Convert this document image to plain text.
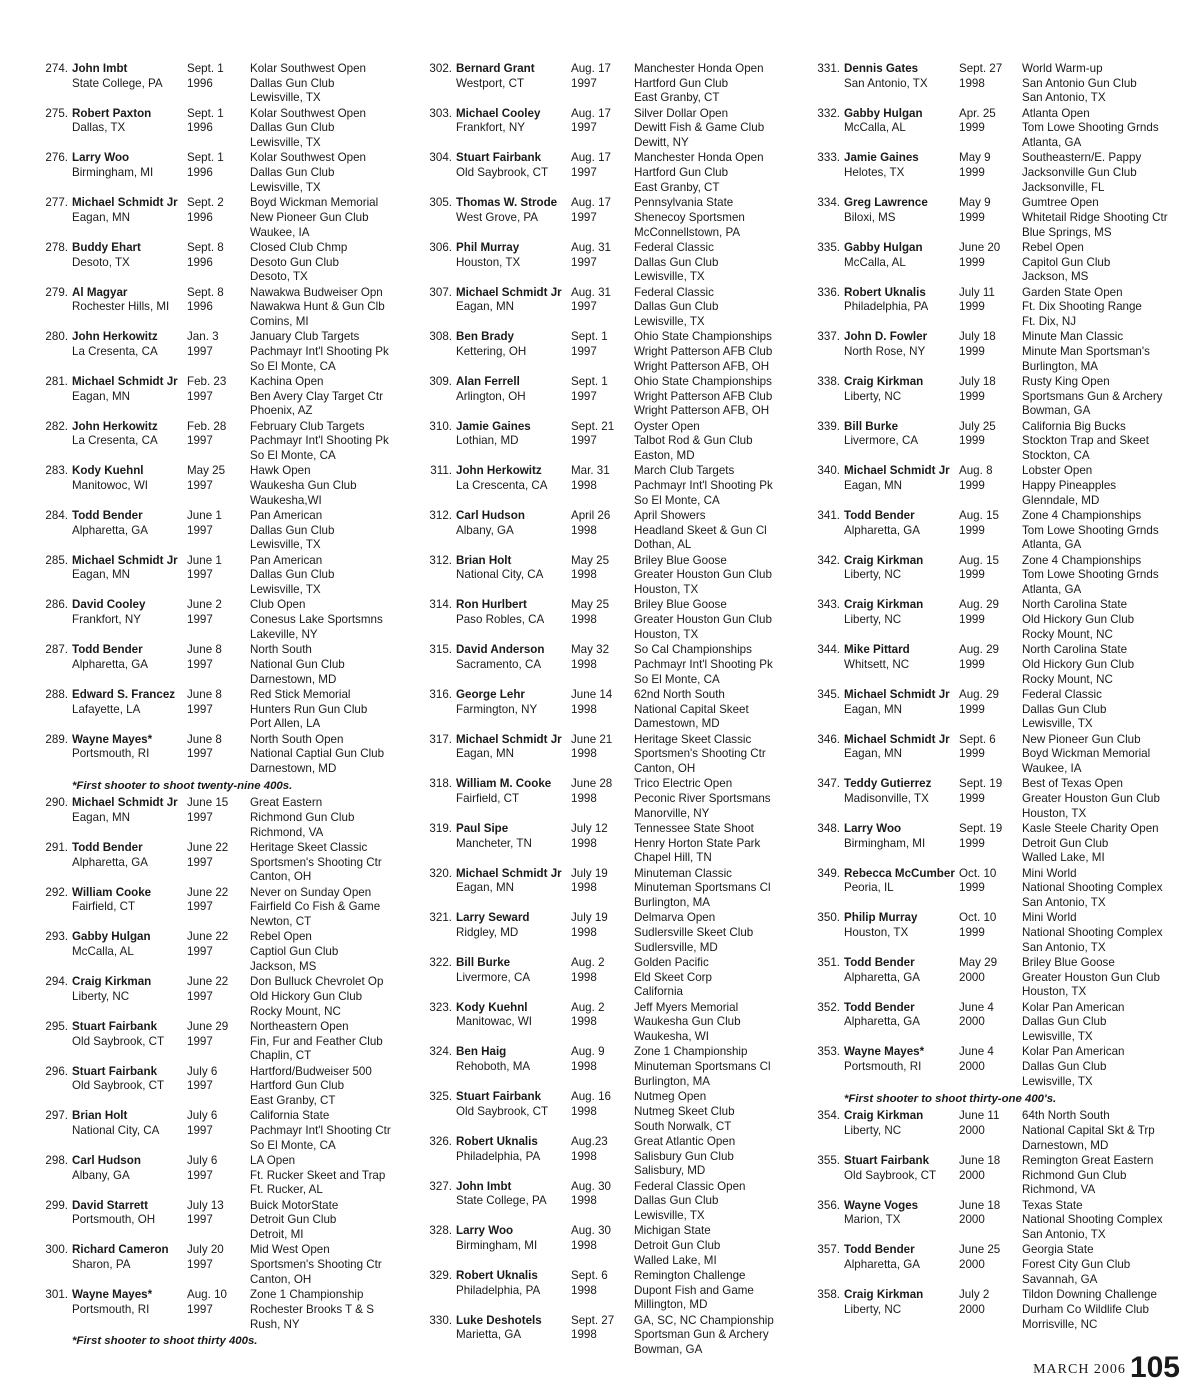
274. John Imbt
State College, PA
Sept. 1
1996
Kolar Southwest Open
Dallas Gun Club
Lewisville, TX
275. Robert Paxton
Dallas, TX
Sept. 1
1996
Kolar Southwest Open
Dallas Gun Club
Lewisville, TX
276. Larry Woo
Birmingham, MI
Sept. 1
1996
Kolar Southwest Open
Dallas Gun Club
Lewisville, TX
277. Michael Schmidt Jr
Eagan, MN
Sept. 2
1996
Boyd Wickman Memorial
New Pioneer Gun Club
Waukee, IA
278. Buddy Ehart
Desoto, TX
Sept. 8
1996
Closed Club Chmp
Desoto Gun Club
Desoto, TX
279. Al Magyar
Rochester Hills, MI
Sept. 8
1996
Nawakwa Budweiser Opn
Nawakwa Hunt & Gun Clb
Comins, MI
280. John Herkowitz
La Cresenta, CA
Jan. 3
1997
January Club Targets
Pachmayr Int'l Shooting Pk
So El Monte, CA
281. Michael Schmidt Jr
Eagan, MN
Feb. 23
1997
Kachina Open
Ben Avery Clay Target Ctr
Phoenix, AZ
282. John Herkowitz
La Cresenta, CA
Feb. 28
1997
February Club Targets
Pachmayr Int'l Shooting Pk
So El Monte, CA
283. Kody Kuehnl
Manitowoc, WI
May 25
1997
Hawk Open
Waukesha Gun Club
Waukesha,WI
284. Todd Bender
Alpharetta, GA
June 1
1997
Pan American
Dallas Gun Club
Lewisville, TX
285. Michael Schmidt Jr
Eagan, MN
June 1
1997
Pan American
Dallas Gun Club
Lewisville, TX
286. David Cooley
Frankfort, NY
June 2
1997
Club Open
Conesus Lake Sportsmns
Lakeville, NY
287. Todd Bender
Alpharetta, GA
June 8
1997
North South
National Gun Club
Darnestown, MD
288. Edward S. Francez
Lafayette, LA
June 8
1997
Red Stick Memorial
Hunters Run Gun Club
Port Allen, LA
289. Wayne Mayes*
Portsmouth, RI
June 8
1997
North South Open
National Captial Gun Club
Darnestown, MD
*First shooter to shoot twenty-nine 400s.
290. Michael Schmidt Jr
Eagan, MN
June 15
1997
Great Eastern
Richmond Gun Club
Richmond, VA
291. Todd Bender
Alpharetta, GA
June 22
1997
Heritage Skeet Classic
Sportsmen's Shooting Ctr
Canton, OH
292. William Cooke
Fairfield, CT
June 22
1997
Never on Sunday Open
Fairfield Co Fish & Game
Newton, CT
293. Gabby Hulgan
McCalla, AL
June 22
1997
Rebel Open
Captiol Gun Club
Jackson, MS
294. Craig Kirkman
Liberty, NC
June 22
1997
Don Bulluck Chevrolet Op
Old Hickory Gun Club
Rocky Mount, NC
295. Stuart Fairbank
Old Saybrook, CT
June 29
1997
Northeastern Open
Fin, Fur and Feather Club
Chaplin, CT
296. Stuart Fairbank
Old Saybrook, CT
July 6
1997
Hartford/Budweiser 500
Hartford Gun Club
East Granby, CT
297. Brian Holt
National City, CA
July 6
1997
California State
Pachmayr Int'l Shooting Ctr
So El Monte, CA
298. Carl Hudson
Albany, GA
July 6
1997
LA Open
Ft. Rucker Skeet and Trap
Ft. Rucker, AL
299. David Starrett
Portsmouth, OH
July 13
1997
Buick MotorState
Detroit Gun Club
Detroit, MI
300. Richard Cameron
Sharon, PA
July 20
1997
Mid West Open
Sportsmen's Shooting Ctr
Canton, OH
301. Wayne Mayes*
Portsmouth, RI
Aug. 10
1997
Zone 1 Championship
Rochester Brooks T & S
Rush, NY
*First shooter to shoot thirty 400s.
302. Bernard Grant
Westport, CT
Aug. 17
1997
Manchester Honda Open
Hartford Gun Club
East Granby, CT
303. Michael Cooley
Frankfort, NY
Aug. 17
1997
Silver Dollar Open
Dewitt Fish & Game Club
Dewitt, NY
304. Stuart Fairbank
Old Saybrook, CT
Aug. 17
1997
Manchester Honda Open
Hartford Gun Club
East Granby, CT
305. Thomas W. Strode
West Grove, PA
Aug. 17
1997
Pennsylvania State
Shenecoy Sportsmen
McConnellstown, PA
306. Phil Murray
Houston, TX
Aug. 31
1997
Federal Classic
Dallas Gun Club
Lewisville, TX
307. Michael Schmidt Jr
Eagan, MN
Aug. 31
1997
Federal Classic
Dallas Gun Club
Lewisville, TX
308. Ben Brady
Kettering, OH
Sept. 1
1997
Ohio State Championships
Wright Patterson AFB Club
Wright Patterson AFB, OH
309. Alan Ferrell
Arlington, OH
Sept. 1
1997
Ohio State Championships
Wright Patterson AFB Club
Wright Patterson AFB, OH
310. Jamie Gaines
Lothian, MD
Sept. 21
1997
Oyster Open
Talbot Rod & Gun Club
Easton, MD
311. John Herkowitz
La Crescenta, CA
Mar. 31
1998
March Club Targets
Pachmayr Int'l Shooting Pk
So El Monte, CA
312. Carl Hudson
Albany, GA
April 26
1998
April Showers
Headland Skeet & Gun Cl
Dothan, AL
312. Brian Holt
National City, CA
May 25
1998
Briley Blue Goose
Greater Houston Gun Club
Houston, TX
314. Ron Hurlbert
Paso Robles, CA
May 25
1998
Briley Blue Goose
Greater Houston Gun Club
Houston, TX
315. David Anderson
Sacramento, CA
May 32
1998
So Cal Championships
Pachmayr Int'l Shooting Pk
So El Monte, CA
316. George Lehr
Farmington, NY
June 14
1998
62nd North South
National Capital Skeet
Damestown, MD
317. Michael Schmidt Jr
Eagan, MN
June 21
1998
Heritage Skeet Classic
Sportsmen's Shooting Ctr
Canton, OH
318. William M. Cooke
Fairfield, CT
June 28
1998
Trico Electric Open
Peconic River Sportsmans
Manorville, NY
319. Paul Sipe
Mancheter, TN
July 12
1998
Tennessee State Shoot
Henry Horton State Park
Chapel Hill, TN
320. Michael Schmidt Jr
Eagan, MN
July 19
1998
Minuteman Classic
Minuteman Sportsmans Cl
Burlington, MA
321. Larry Seward
Ridgley, MD
July 19
1998
Delmarva Open
Sudlersville Skeet Club
Sudlersville, MD
322. Bill Burke
Livermore, CA
Aug. 2
1998
Golden Pacific
Eld Skeet Corp
California
323. Kody Kuehnl
Manitowac, WI
Aug. 2
1998
Jeff Myers Memorial
Waukesha Gun Club
Waukesha, WI
324. Ben Haig
Rehoboth, MA
Aug. 9
1998
Zone 1 Championship
Minuteman Sportsmans Cl
Burlington, MA
325. Stuart Fairbank
Old Saybrook, CT
Aug. 16
1998
Nutmeg Open
Nutmeg Skeet Club
South Norwalk, CT
326. Robert Uknalis
Philadelphia, PA
Aug.23
1998
Great Atlantic Open
Salisbury Gun Club
Salisbury, MD
327. John Imbt
State College, PA
Aug. 30
1998
Federal Classic Open
Dallas Gun Club
Lewisville, TX
328. Larry Woo
Birmingham, MI
Aug. 30
1998
Michigan State
Detroit Gun Club
Walled Lake, MI
329. Robert Uknalis
Philadelphia, PA
Sept. 6
1998
Remington Challenge
Dupont Fish and Game
Millington, MD
330. Luke Deshotels
Marietta, GA
Sept. 27
1998
GA, SC, NC Championship
Sportsman Gun & Archery
Bowman, GA
331. Dennis Gates
San Antonio, TX
Sept. 27
1998
World Warm-up
San Antonio Gun Club
San Antonio, TX
332. Gabby Hulgan
McCalla, AL
Apr. 25
1999
Atlanta Open
Tom Lowe Shooting Grnds
Atlanta, GA
333. Jamie Gaines
Helotes, TX
May 9
1999
Southeastern/E. Pappy
Jacksonville Gun Club
Jacksonville, FL
334. Greg Lawrence
Biloxi, MS
May 9
1999
Gumtree Open
Whitetail Ridge Shooting Ctr
Blue Springs, MS
335. Gabby Hulgan
McCalla, AL
June 20
1999
Rebel Open
Capitol Gun Club
Jackson, MS
336. Robert Uknalis
Philadelphia, PA
July 11
1999
Garden State Open
Ft. Dix Shooting Range
Ft. Dix, NJ
337. John D. Fowler
North Rose, NY
July 18
1999
Minute Man Classic
Minute Man Sportsman's
Burlington, MA
338. Craig Kirkman
Liberty, NC
July 18
1999
Rusty King Open
Sportsmans Gun & Archery
Bowman, GA
339. Bill Burke
Livermore, CA
July 25
1999
California Big Bucks
Stockton Trap and Skeet
Stockton, CA
340. Michael Schmidt Jr
Eagan, MN
Aug. 8
1999
Lobster Open
Happy Pineapples
Glenndale, MD
341. Todd Bender
Alpharetta, GA
Aug. 15
1999
Zone 4 Championships
Tom Lowe Shooting Grnds
Atlanta, GA
342. Craig Kirkman
Liberty, NC
Aug. 15
1999
Zone 4 Championships
Tom Lowe Shooting Grnds
Atlanta, GA
343. Craig Kirkman
Liberty, NC
Aug. 29
1999
North Carolina State
Old Hickory Gun Club
Rocky Mount, NC
344. Mike Pittard
Whitsett, NC
Aug. 29
1999
North Carolina State
Old Hickory Gun Club
Rocky Mount, NC
345. Michael Schmidt Jr
Eagan, MN
Aug. 29
1999
Federal Classic
Dallas Gun Club
Lewisville, TX
346. Michael Schmidt Jr
Eagan, MN
Sept. 6
1999
New Pioneer Gun Club
Boyd Wickman Memorial
Waukee, IA
347. Teddy Gutierrez
Madisonville, TX
Sept. 19
1999
Best of Texas Open
Greater Houston Gun Club
Houston, TX
348. Larry Woo
Birmingham, MI
Sept. 19
1999
Kasle Steele Charity Open
Detroit Gun Club
Walled Lake, MI
349. Rebecca McCumber
Peoria, IL
Oct. 10
1999
Mini World
National Shooting Complex
San Antonio, TX
350. Philip Murray
Houston, TX
Oct. 10
1999
Mini World
National Shooting Complex
San Antonio, TX
351. Todd Bender
Alpharetta, GA
May 29
2000
Briley Blue Goose
Greater Houston Gun Club
Houston, TX
352. Todd Bender
Alpharetta, GA
June 4
2000
Kolar Pan American
Dallas Gun Club
Lewisville, TX
353. Wayne Mayes*
Portsmouth, RI
June 4
2000
Kolar Pan American
Dallas Gun Club
Lewisville, TX
*First shooter to shoot thirty-one 400's.
354. Craig Kirkman
Liberty, NC
June 11
2000
64th North South
National Capital Skt & Trp
Darnestown, MD
355. Stuart Fairbank
Old Saybrook, CT
June 18
2000
Remington Great Eastern
Richmond Gun Club
Richmond, VA
356. Wayne Voges
Marion, TX
June 18
2000
Texas State
National Shooting Complex
San Antonio, TX
357. Todd Bender
Alpharetta, GA
June 25
2000
Georgia State
Forest City Gun Club
Savannah, GA
358. Craig Kirkman
Liberty, NC
July 2
2000
Tildon Downing Challenge
Durham Co Wildlife Club
Morrisville, NC
MARCH 2006 105
